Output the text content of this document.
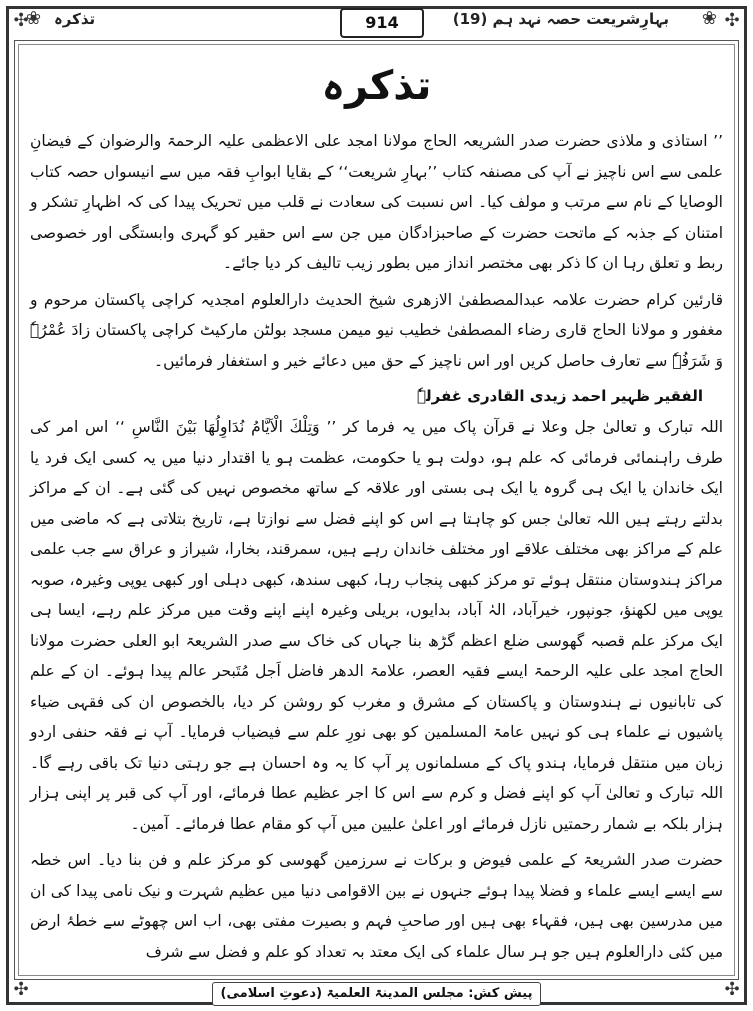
✣	✣
✣	✣
❀
بہارِشریعت حصہ نہد ہم (19)
914
تذکرہ
❀
تذکرہ

’’ استاذی و ملاذی حضرت صدر الشریعہ الحاج مولانا امجد علی الاعظمی علیہ الرحمۃ والرضوان کے فیضانِ علمی سے اس ناچیز نے آپ کی مصنفہ کتاب ’’بہارِ شریعت‘‘ کے بقایا ابوابِ فقہ میں سے انیسواں حصہ کتاب الوصایا کے نام سے مرتب و مولف کیا۔ اس نسبت کی سعادت نے قلب میں تحریک پیدا کی کہ اظہارِ تشکر و امتنان کے جذبہ کے ماتحت حضرت کے صاحبزادگان میں جن سے اس حقیر کو گہری وابستگی اور خصوصی ربط و تعلق رہا ان کا ذکر بھی مختصر انداز میں بطور زیب تالیف کر دیا جائے۔

قارئین کرام حضرت علامہ عبدالمصطفیٰ الازھری شیخ الحدیث دارالعلوم امجدیہ کراچی پاکستان مرحوم و مغفور و مولانا الحاج قاری رضاء المصطفیٰ خطیب نیو میمن مسجد بولٹن مارکیٹ کراچی پاکستان زادَ عُمْرُہٗ وَ شَرَفُہٗ سے تعارف حاصل کریں اور اس ناچیز کے حق میں دعائے خیر و استغفار فرمائیں۔

الفقیر ظہیر احمد زیدی القادری غفرلہٗ

اللہ تبارک و تعالیٰ جل وعلا نے قرآن پاک میں یہ فرما کر ’’ وَتِلْكَ الْاَیَّامُ نُدَاوِلُهَا بَیْنَ النَّاسِ ‘‘ اس امر کی طرف راہنمائی فرمائی کہ علم ہو، دولت ہو یا حکومت، عظمت ہو یا اقتدار دنیا میں یہ کسی ایک فرد یا ایک خاندان یا ایک ہی گروہ یا ایک ہی بستی اور علاقہ کے ساتھ مخصوص نہیں کی گئی ہے۔ ان کے مراکز بدلتے رہتے ہیں اللہ تعالیٰ جس کو چاہتا ہے اس کو اپنے فضل سے نوازتا ہے، تاریخ بتلاتی ہے کہ ماضی میں علم کے مراکز بھی مختلف علاقے اور مختلف خاندان رہے ہیں، سمرقند، بخارا، شیراز و عراق سے جب علمی مراکز ہندوستان منتقل ہوئے تو مرکز کبھی پنجاب رہا، کبھی سندھ، کبھی دہلی اور کبھی یوپی وغیرہ، صوبہ یوپی میں لکھنؤ، جونپور، خیرآباد، الہٰ آباد، بدایوں، بریلی وغیرہ اپنے اپنے وقت میں مرکز علم رہے، ایسا ہی ایک مرکز علم قصبہ گھوسی ضلع اعظم گڑھ بنا جہاں کی خاک سے صدر الشریعۃ ابو العلی حضرت مولانا الحاج امجد علی علیہ الرحمۃ ایسے فقیہ العصر، علامۃ الدھر فاضل اَجل مُتَبحر عالم پیدا ہوئے۔ ان کے علم کی تابانیوں نے ہندوستان و پاکستان کے مشرق و مغرب کو روشن کر دیا، بالخصوص ان کی فقہی ضیاء پاشیوں نے علماء ہی کو نہیں عامۃ المسلمین کو بھی نورِ علم سے فیضیاب فرمایا۔ آپ نے فقہ حنفی اردو زبان میں منتقل فرمایا، ہندو پاک کے مسلمانوں پر آپ کا یہ وہ احسان ہے جو رہتی دنیا تک باقی رہے گا۔ اللہ تبارک و تعالیٰ آپ کو اپنے فضل و کرم سے اس کا اجر عظیم عطا فرمائے، اور آپ کی قبر پر اپنی ہزار ہزار بلکہ بے شمار رحمتیں نازل فرمائے اور اعلیٰ علیین میں آپ کو مقام عطا فرمائے۔ آمین۔

حضرت صدر الشریعۃ کے علمی فیوض و برکات نے سرزمین گھوسی کو مرکز علم و فن بنا دیا۔ اس خطہ سے ایسے ایسے علماء و فضلا پیدا ہوئے جنہوں نے بین الاقوامی دنیا میں عظیم شہرت و نیک نامی پیدا کی ان میں مدرسین بھی ہیں، فقہاء بھی ہیں اور صاحبِ فہم و بصیرت مفتی بھی، اب اس چھوٹے سے خطۂ ارض میں کئی دارالعلوم ہیں جو ہر سال علماء کی ایک معتد بہ تعداد کو علم و فضل سے شرف

پیش کش: مجلس المدینۃ العلمیۃ (دعوتِ اسلامی)
